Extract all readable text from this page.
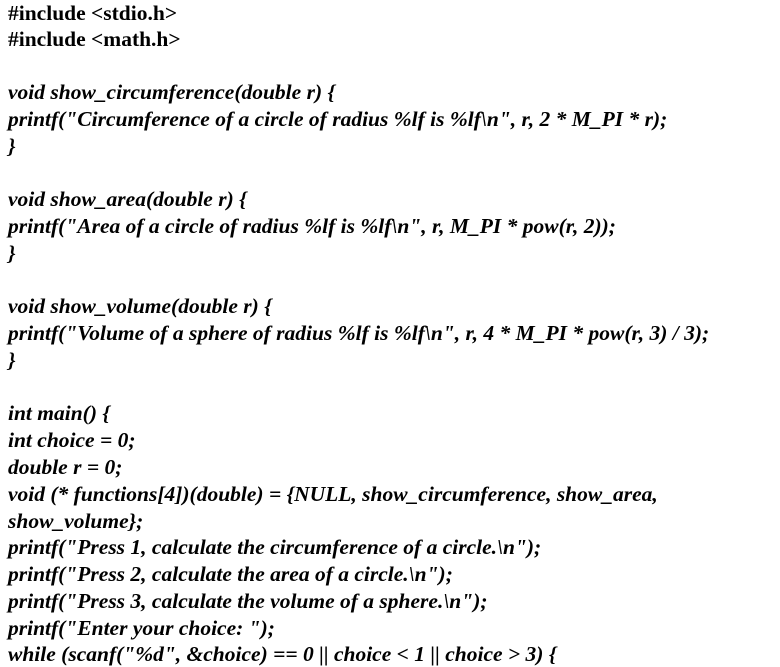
#include <stdio.h>
#include <math.h>
void show_circumference(double r) {
printf("Circumference of a circle of radius %lf is %lf\n", r, 2 * M_PI * r);
}
void show_area(double r) {
printf("Area of a circle of radius %lf is %lf\n", r, M_PI * pow(r, 2));
}
void show_volume(double r) {
printf("Volume of a sphere of radius %lf is %lf\n", r, 4 * M_PI * pow(r, 3) / 3);
}
int main() {
int choice = 0;
double r = 0;
void (* functions[4])(double) = {NULL, show_circumference, show_area,
show_volume};
printf("Press 1, calculate the circumference of a circle.\n");
printf("Press 2, calculate the area of a circle.\n");
printf("Press 3, calculate the volume of a sphere.\n");
printf("Enter your choice: ");
while (scanf("%d", &choice) == 0 || choice < 1 || choice > 3) {
